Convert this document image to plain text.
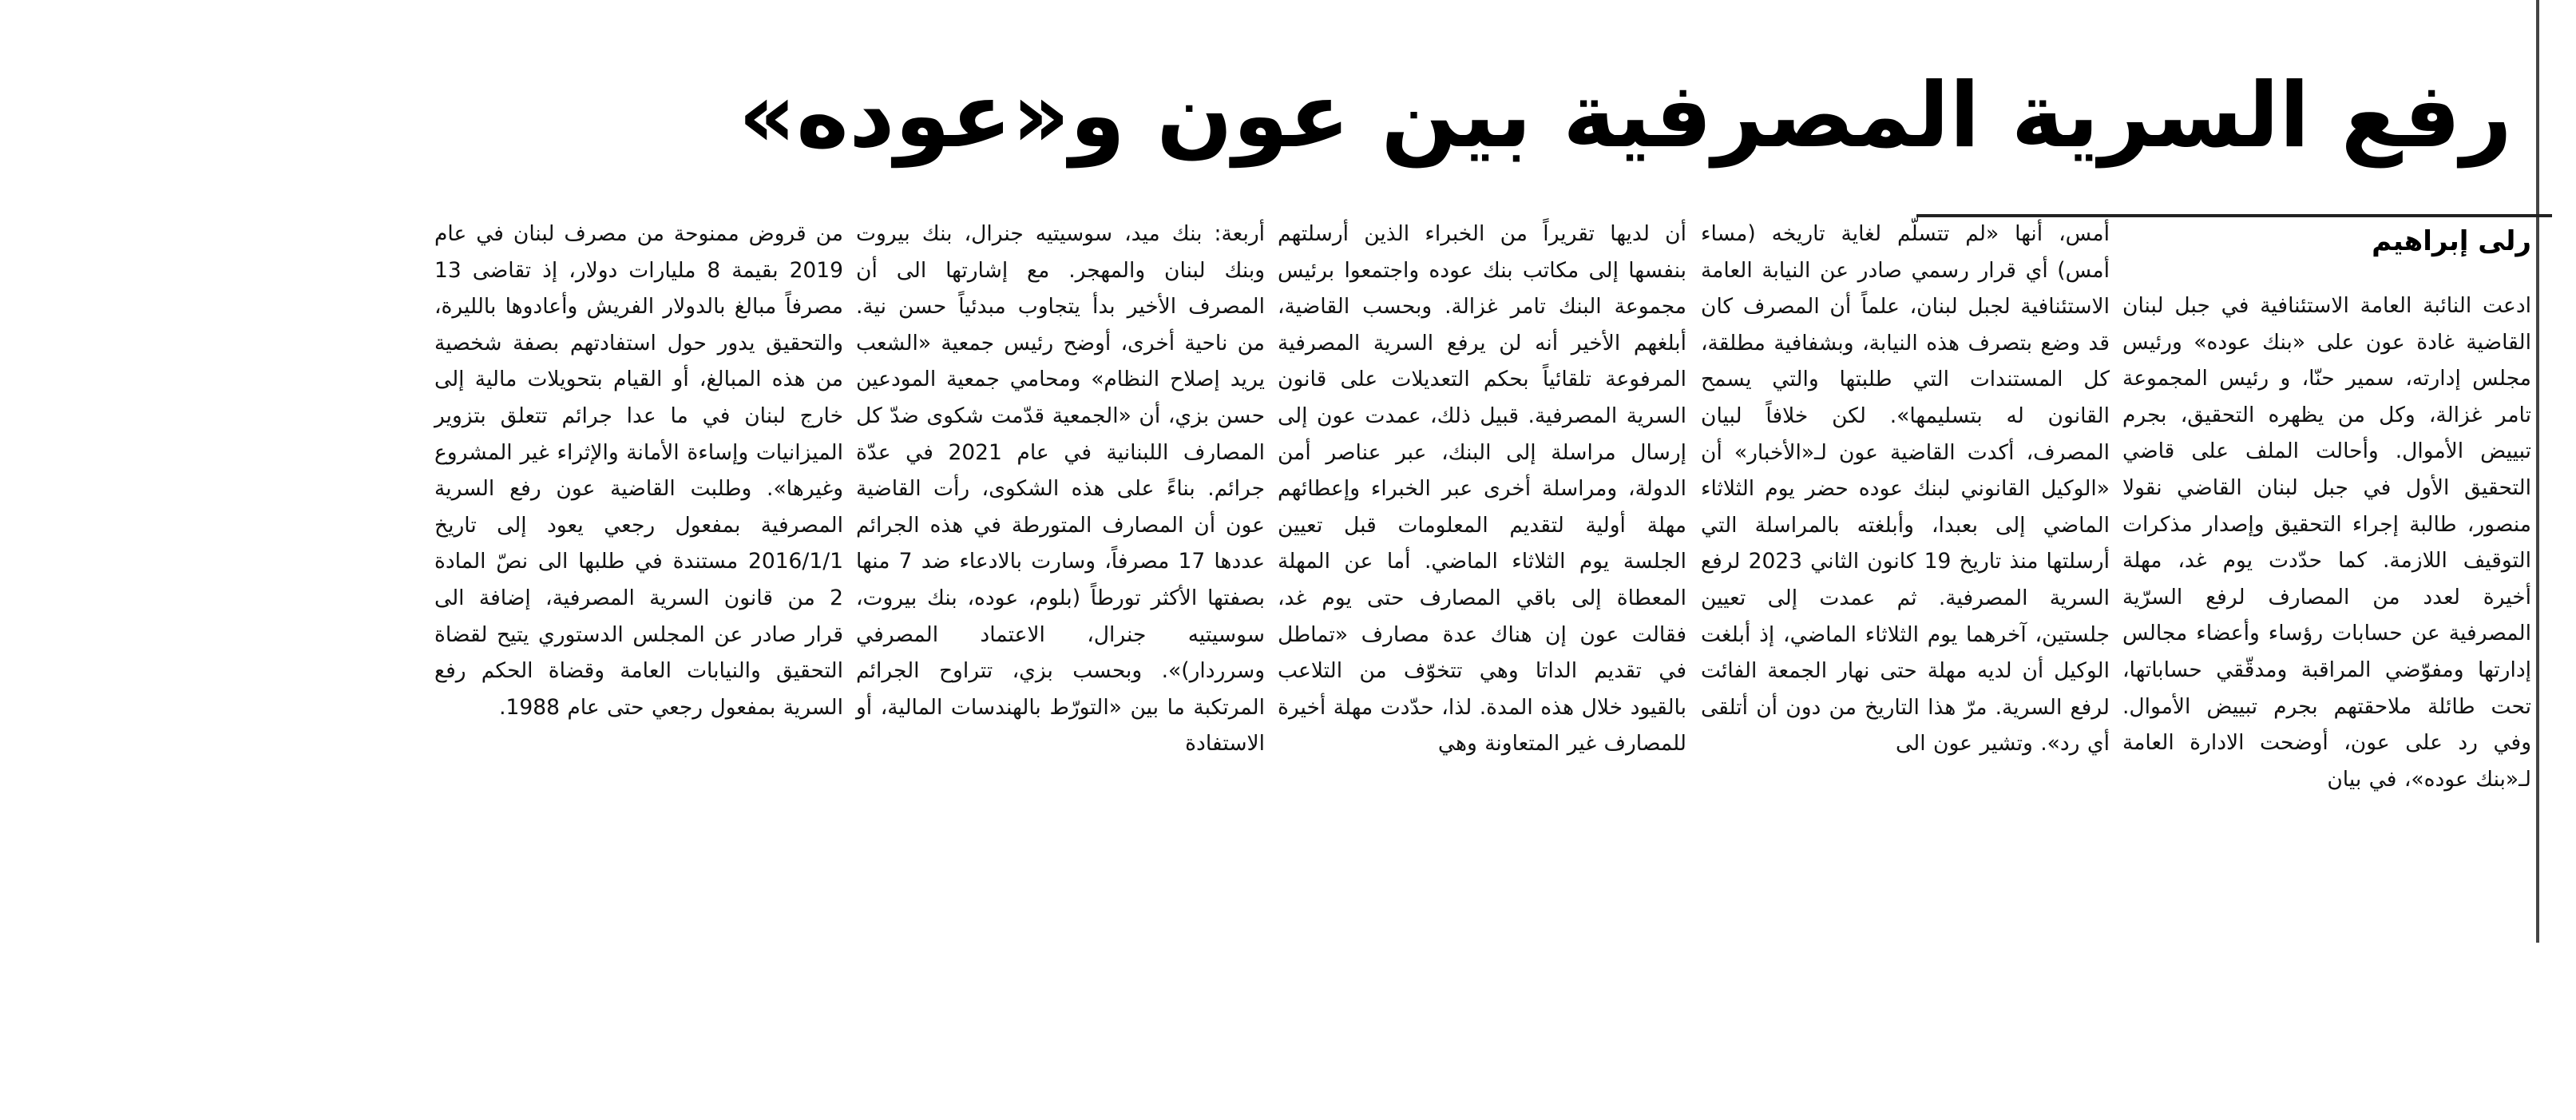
رفع السرية المصرفية بين عون و«عوده»
رلى إبراهيم

ادعت النائبة العامة الاستئنافية في جبل لبنان القاضية غادة عون على «بنك عوده» ورئيس مجلس إدارته، سمير حنّا، و رئيس المجموعة تامر غزالة، وكل من يظهره التحقيق، بجرم تبييض الأموال. وأحالت الملف على قاضي التحقيق الأول في جبل لبنان القاضي نقولا منصور، طالبة إجراء التحقيق وإصدار مذكرات التوقيف اللازمة. كما حدّدت يوم غد، مهلة أخيرة لعدد من المصارف لرفع السرّية المصرفية عن حسابات رؤساء وأعضاء مجالس إدارتها ومفوّضي المراقبة ومدقّقي حساباتها، تحت طائلة ملاحقتهم بجرم تبييض الأموال. وفي رد على عون، أوضحت الادارة العامة لـ«بنك عوده»، في بيان

أمس، أنها «لم تتسلّم لغاية تاريخه (مساء أمس) أي قرار رسمي صادر عن النيابة العامة الاستئنافية لجبل لبنان، علماً أن المصرف كان قد وضع بتصرف هذه النيابة، وبشفافية مطلقة، كل المستندات التي طلبتها والتي يسمح القانون له بتسليمها». لكن خلافاً لبيان المصرف، أكدت القاضية عون لـ«الأخبار» أن «الوكيل القانوني لبنك عوده حضر يوم الثلاثاء الماضي إلى بعبدا، وأبلغته بالمراسلة التي أرسلتها منذ تاريخ 19 كانون الثاني 2023 لرفع السرية المصرفية. ثم عمدت إلى تعيين جلستين، آخرهما يوم الثلاثاء الماضي، إذ أبلغت الوكيل أن لديه مهلة حتى نهار الجمعة الفائت لرفع السرية. مرّ هذا التاريخ من دون أن أتلقى أي رد». وتشير عون الى

أن لديها تقريراً من الخبراء الذين أرسلتهم بنفسها إلى مكاتب بنك عوده واجتمعوا برئيس مجموعة البنك تامر غزالة. وبحسب القاضية، أبلغهم الأخير أنه لن يرفع السرية المصرفية المرفوعة تلقائياً بحكم التعديلات على قانون السرية المصرفية. قبيل ذلك، عمدت عون إلى إرسال مراسلة إلى البنك، عبر عناصر أمن الدولة، ومراسلة أخرى عبر الخبراء وإعطائهم مهلة أولية لتقديم المعلومات قبل تعيين الجلسة يوم الثلاثاء الماضي. أما عن المهلة المعطاة إلى باقي المصارف حتى يوم غد، فقالت عون إن هناك عدة مصارف «تماطل في تقديم الداتا وهي تتخوّف من التلاعب بالقيود خلال هذه المدة. لذا، حدّدت مهلة أخيرة للمصارف غير المتعاونة وهي

أربعة: بنك ميد، سوسيتيه جنرال، بنك بيروت وبنك لبنان والمهجر. مع إشارتها الى أن المصرف الأخير بدأ يتجاوب مبدئياً حسن نية. من ناحية أخرى، أوضح رئيس جمعية «الشعب يريد إصلاح النظام» ومحامي جمعية المودعين حسن بزي، أن «الجمعية قدّمت شكوى ضدّ كل المصارف اللبنانية في عام 2021 في عدّة جرائم. بناءً على هذه الشكوى، رأت القاضية عون أن المصارف المتورطة في هذه الجرائم عددها 17 مصرفاً، وسارت بالادعاء ضد 7 منها بصفتها الأكثر تورطاً (بلوم، عوده، بنك بيروت، سوسيتيه جنرال، الاعتماد المصرفي وسرردار)». وبحسب بزي، تتراوح الجرائم المرتكبة ما بين «التورّط بالهندسات المالية، أو الاستفادة

من قروض ممنوحة من مصرف لبنان في عام 2019 بقيمة 8 مليارات دولار، إذ تقاضى 13 مصرفاً مبالغ بالدولار الفريش وأعادوها بالليرة، والتحقيق يدور حول استفادتهم بصفة شخصية من هذه المبالغ، أو القيام بتحويلات مالية إلى خارج لبنان في ما عدا جرائم تتعلق بتزوير الميزانيات وإساءة الأمانة والإثراء غير المشروع وغيرها». وطلبت القاضية عون رفع السرية المصرفية بمفعول رجعي يعود إلى تاريخ 2016/1/1 مستندة في طلبها الى نصّ المادة 2 من قانون السرية المصرفية، إضافة الى قرار صادر عن المجلس الدستوري يتيح لقضاة التحقيق والنيابات العامة وقضاة الحكم رفع السرية بمفعول رجعي حتى عام 1988.
